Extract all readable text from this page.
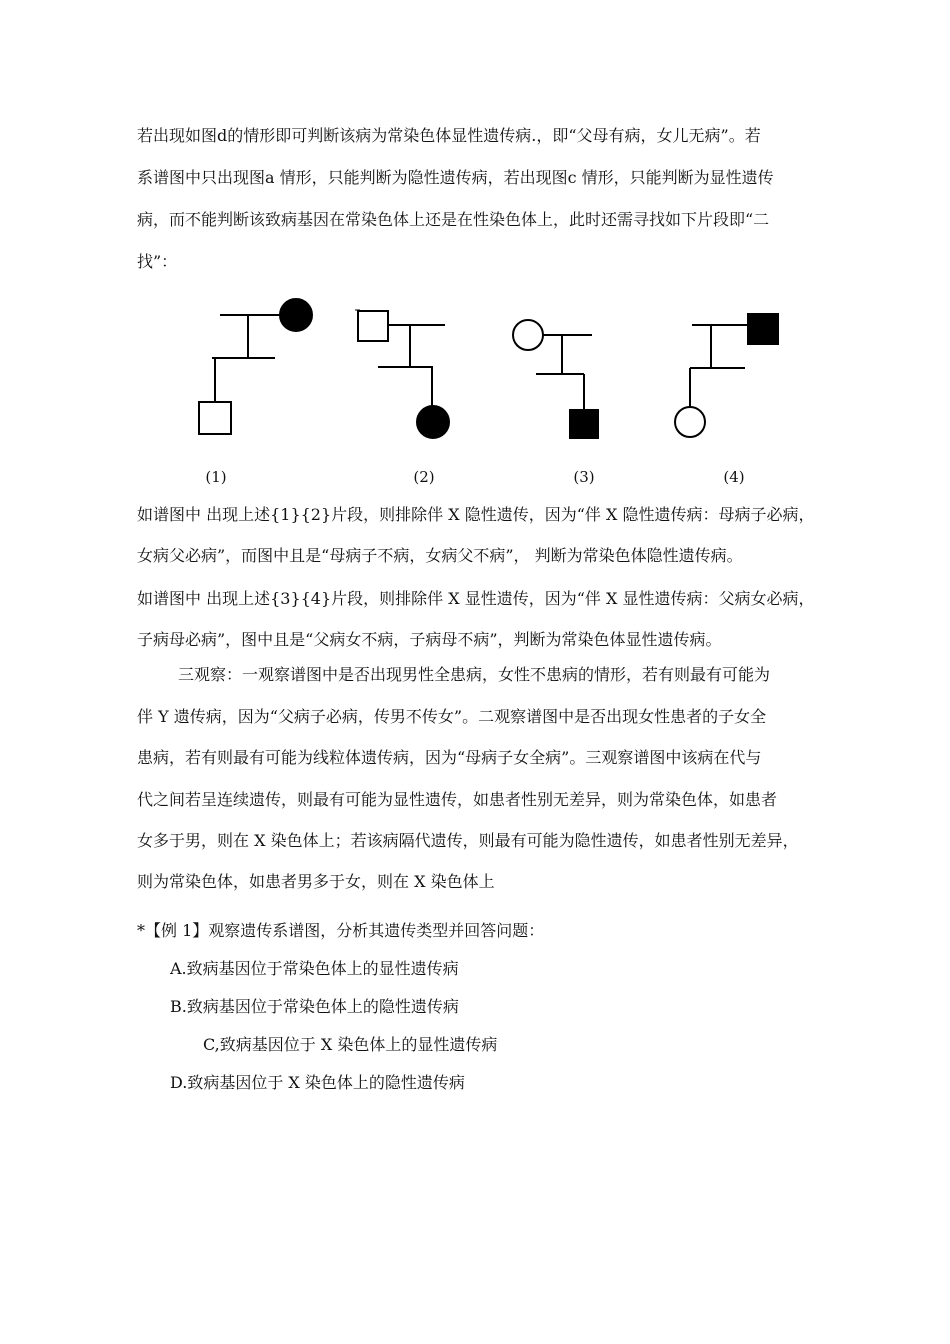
若出现如图d的情形即可判断该病为常染色体显性遗传病.，即“父母有病，女儿无病”。若
系谱图中只出现图a 情形，只能判断为隐性遗传病，若出现图c 情形，只能判断为显性遗传
病，而不能判断该致病基因在常染色体上还是在性染色体上，此时还需寻找如下片段即“二
找”：
(1)	(2)	(3)	(4)
如谱图中 出现上述{1}{2}片段，则排除伴 X 隐性遗传，因为“伴 X 隐性遗传病：母病子必病，
女病父必病”，而图中且是“母病子不病，女病父不病”， 判断为常染色体隐性遗传病。
如谱图中 出现上述{3}{4}片段，则排除伴 X 显性遗传，因为“伴 X 显性遗传病：父病女必病，
子病母必病”，图中且是“父病女不病，子病母不病”，判断为常染色体显性遗传病。
三观察：一观察谱图中是否出现男性全患病，女性不患病的情形，若有则最有可能为
伴 Y 遗传病，因为“父病子必病，传男不传女”。二观察谱图中是否出现女性患者的子女全
患病，若有则最有可能为线粒体遗传病，因为“母病子女全病”。三观察谱图中该病在代与
代之间若呈连续遗传，则最有可能为显性遗传，如患者性别无差异，则为常染色体，如患者
女多于男，则在 X 染色体上；若该病隔代遗传，则最有可能为隐性遗传，如患者性别无差异，
则为常染色体，如患者男多于女，则在 X 染色体上
*【例 1】观察遗传系谱图，分析其遗传类型并回答问题：
A.致病基因位于常染色体上的显性遗传病
B.致病基因位于常染色体上的隐性遗传病
C,致病基因位于 X 染色体上的显性遗传病
D.致病基因位于 X 染色体上的隐性遗传病
